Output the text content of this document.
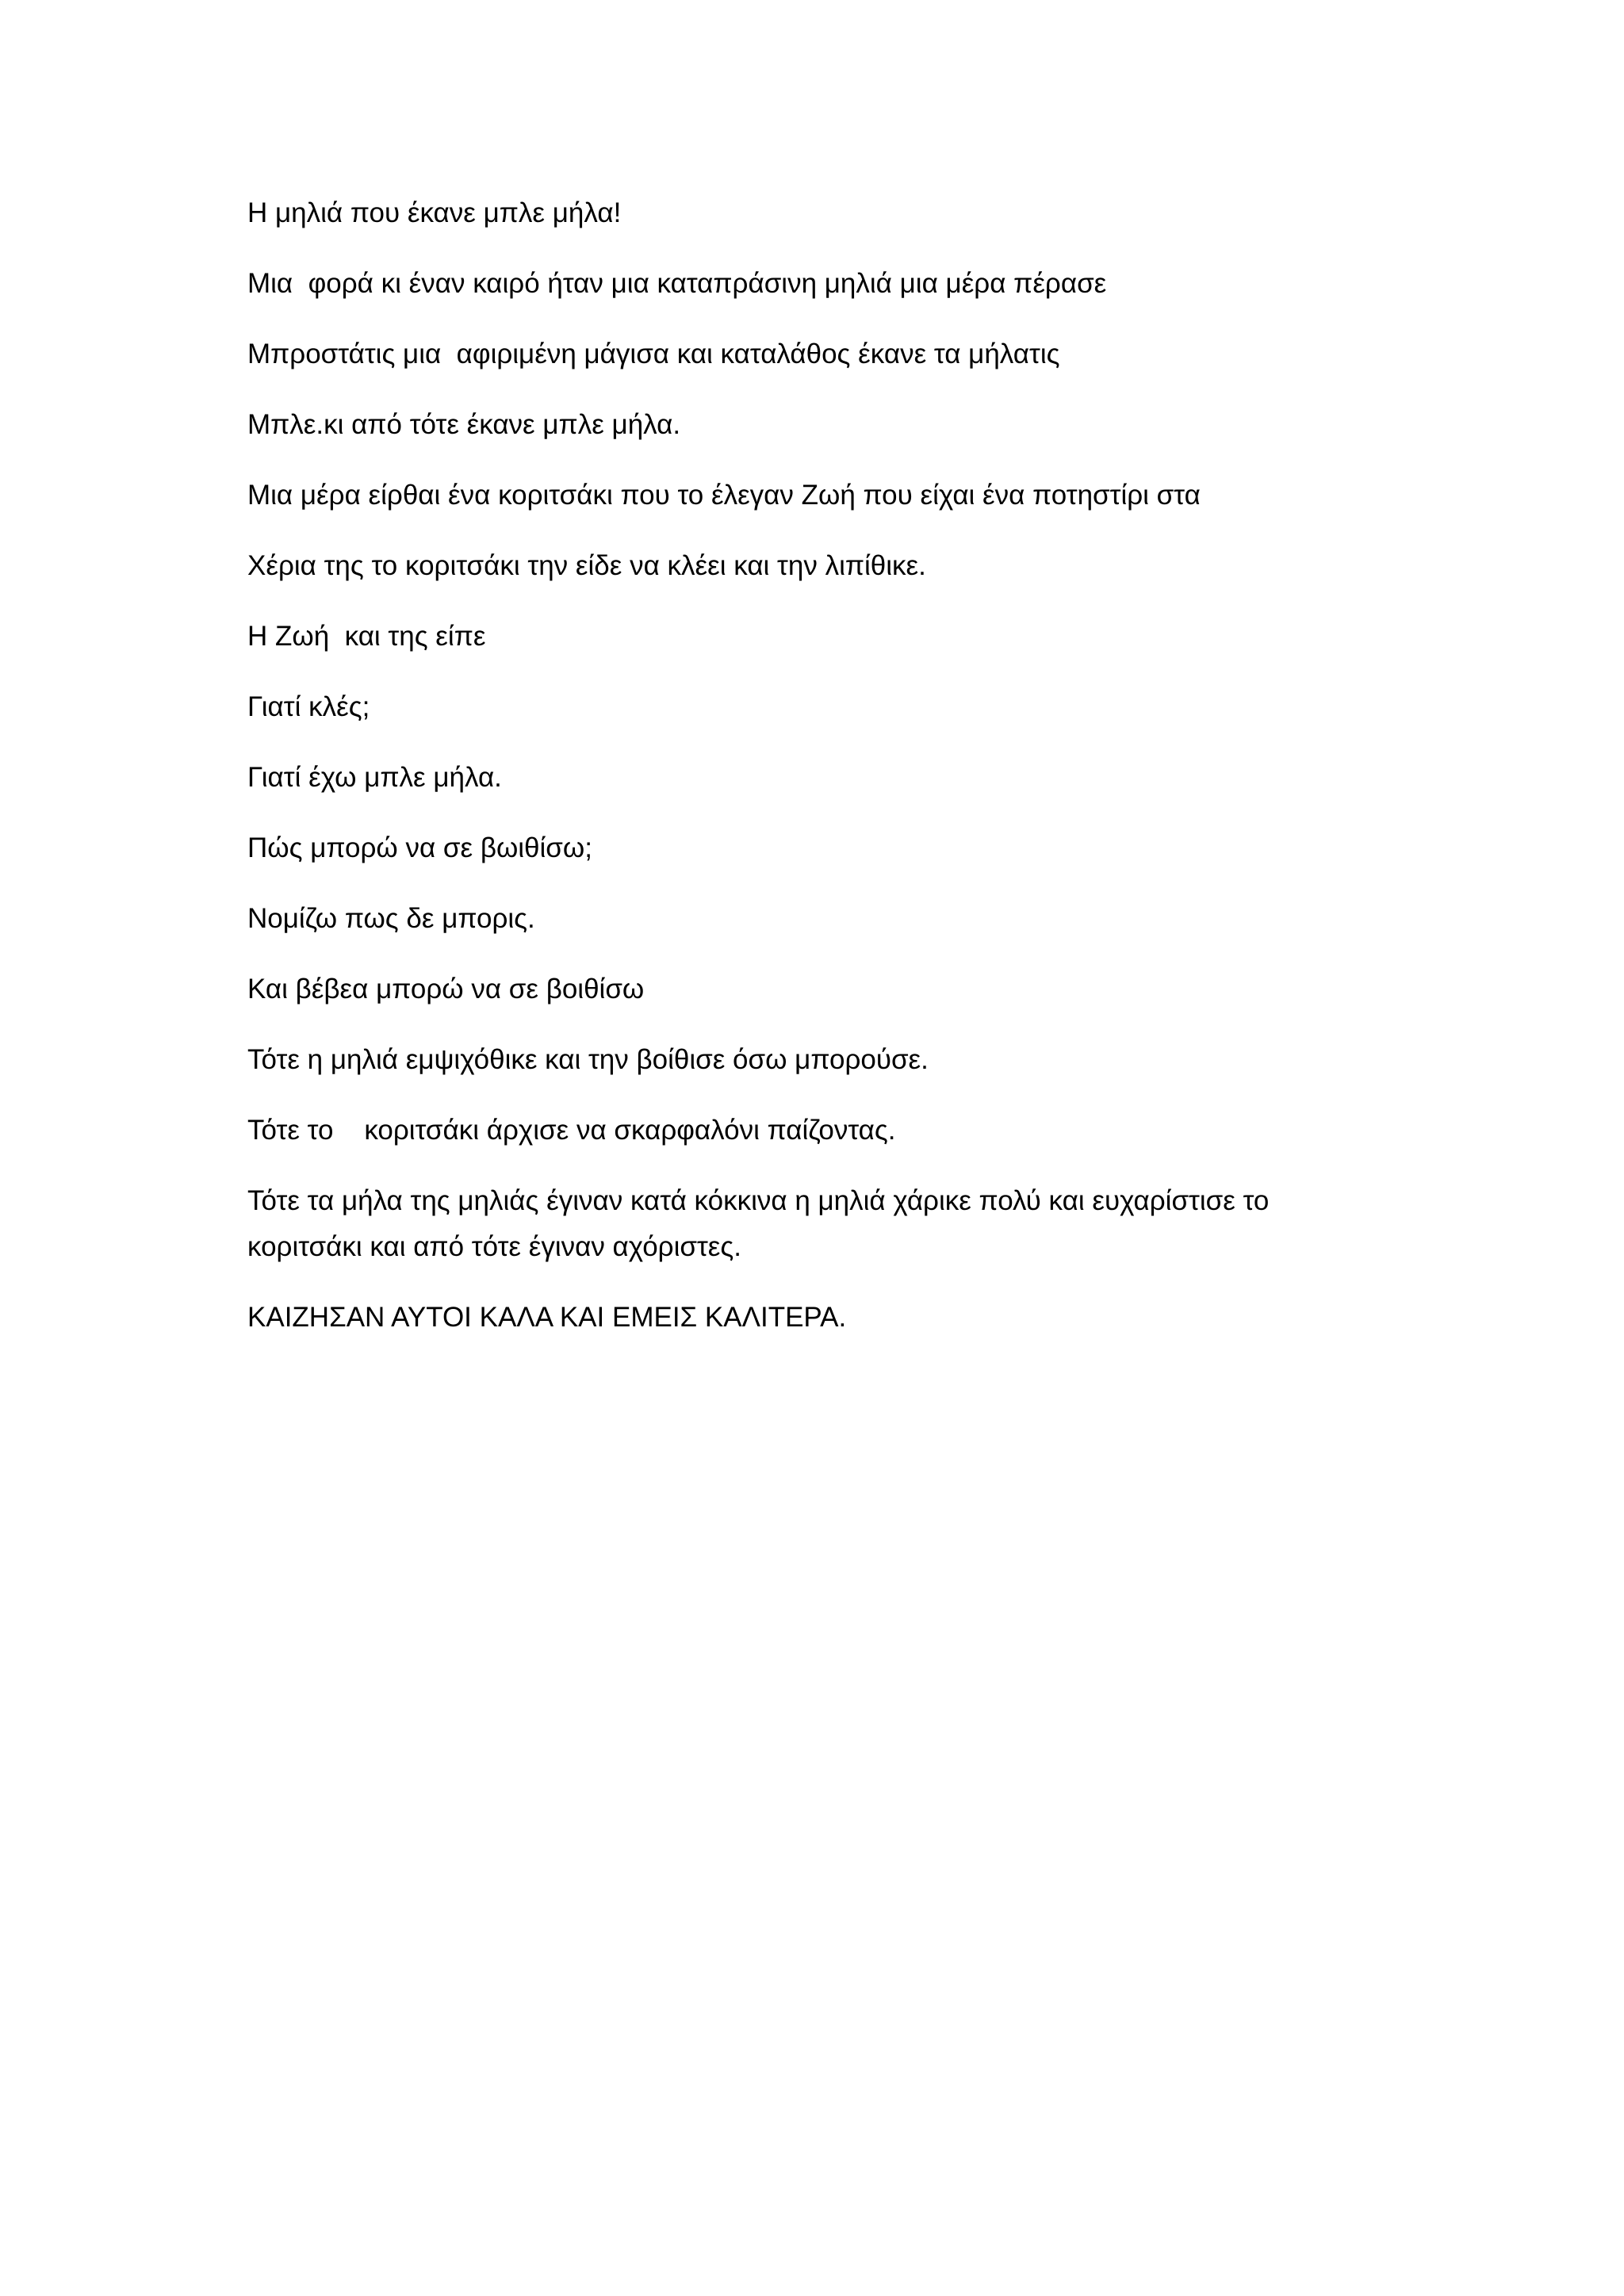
Η μηλιά που έκανε μπλε μήλα!

Μια  φορά κι έναν καιρό ήταν μια καταπράσινη μηλιά μια μέρα πέρασε

Μπροστάτις μια  αφιριμένη μάγισα και καταλάθος έκανε τα μήλατις

Μπλε.κι από τότε έκανε μπλε μήλα.

Μια μέρα είρθαι ένα κοριτσάκι που το έλεγαν Ζωή που είχαι ένα ποτηστίρι στα

Χέρια της το κοριτσάκι την είδε να κλέει και την λιπίθικε.

Η Ζωή  και της είπε

Γιατί κλές;

Γιατί έχω μπλε μήλα.

Πώς μπορώ να σε βωιθίσω;

Νομίζω πως δε μπορις.

Και βέβεα μπορώ να σε βοιθίσω

Τότε η μηλιά εμψιχόθικε και την βοίθισε όσω μπορούσε.

Τότε το    κοριτσάκι άρχισε να σκαρφαλόνι παίζοντας.

Τότε τα μήλα της μηλιάς έγιναν κατά κόκκινα η μηλιά χάρικε πολύ και ευχαρίστισε το κοριτσάκι και από τότε έγιναν αχόριστες.

ΚΑΙΖΗΣΑΝ ΑΥΤΟΙ ΚΑΛΑ ΚΑΙ ΕΜΕΙΣ ΚΑΛΙΤΕΡΑ.
